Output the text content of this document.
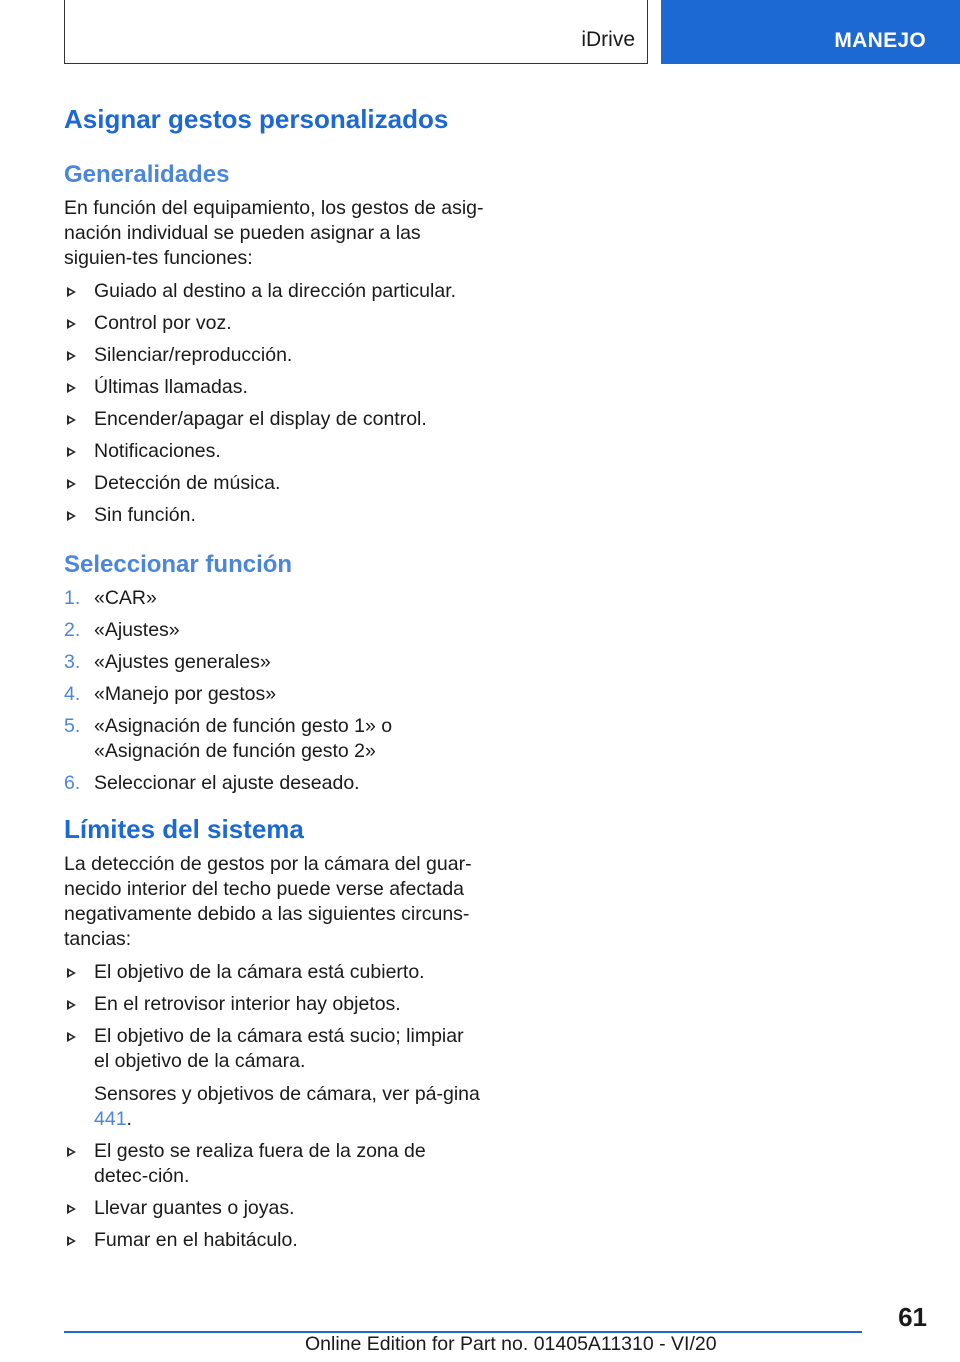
iDrive	MANEJO
Asignar gestos personalizados
Generalidades

En función del equipamiento, los gestos de asig-nación individual se pueden asignar a las siguien-tes funciones:

Guiado al destino a la dirección particular.
Control por voz.
Silenciar/reproducción.
Últimas llamadas.
Encender/apagar el display de control.
Notificaciones.
Detección de música.
Sin función.
Seleccionar función
1. «CAR»
2. «Ajustes»
3. «Ajustes generales»
4. «Manejo por gestos»
5. «Asignación de función gesto 1» o «Asignación de función gesto 2»
6. Seleccionar el ajuste deseado.
Límites del sistema

La detección de gestos por la cámara del guar-necido interior del techo puede verse afectada negativamente debido a las siguientes circuns-tancias:

El objetivo de la cámara está cubierto.
En el retrovisor interior hay objetos.
El objetivo de la cámara está sucio; limpiar el objetivo de la cámara.
Sensores y objetivos de cámara, ver pá-gina 441.
El gesto se realiza fuera de la zona de detec-ción.
Llevar guantes o joyas.
Fumar en el habitáculo.
61
Online Edition for Part no. 01405A11310 - VI/20
